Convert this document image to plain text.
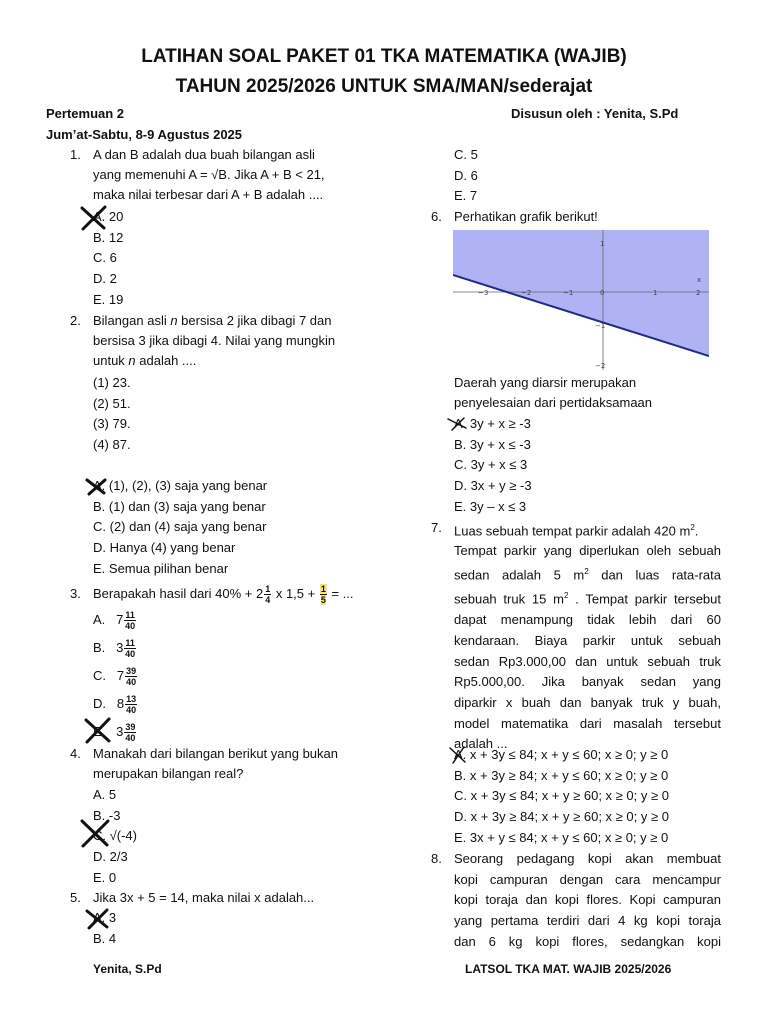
LATIHAN SOAL PAKET 01 TKA MATEMATIKA (WAJIB)
TAHUN 2025/2026 UNTUK SMA/MAN/sederajat
Pertemuan 2	Disusun oleh : Yenita, S.Pd
Jum’at-Sabtu, 8-9 Agustus 2025
1. A dan B adalah dua buah bilangan asli
yang memenuhi A = √B. Jika A + B < 21,
maka nilai terbesar dari A + B adalah ....
A. 20
B. 12
C. 6
D. 2
E. 19
2. Bilangan asli n bersisa 2 jika dibagi 7 dan
bersisa 3 jika dibagi 4. Nilai yang mungkin
untuk n adalah ....
(1) 23.
(2) 51.
(3) 79.
(4) 87.
A. (1), (2), (3) saja yang benar
B. (1) dan (3) saja yang benar
C. (2) dan (4) saja yang benar
D. Hanya (4) yang benar
E. Semua pilihan benar
3. Berapakah hasil dari $40\% + 2 \frac{1}{4}$ x $1,5 + \frac{1}{5}$ = ...
A. $7 \frac{11}{40}$
B. $3 \frac{11}{40}$
C. $7 \frac{39}{40}$
D. $8 \frac{13}{40}$
E. $3 \frac{39}{40}$
4. Manakah dari bilangan berikut yang bukan
merupakan bilangan real?
A. 5
B. -3
C. √(-4)
D. 2/3
E. 0
5. Jika 3x + 5 = 14, maka nilai x adalah...
A. 3
B. 4
C. 5
D. 6
E. 7
6. Perhatikan grafik berikut!
−3	−2	−1	0	1	2
x
1
−1
−2
Daerah yang diarsir merupakan
penyelesaian dari pertidaksamaan
A. 3y + x ≥ -3
B. 3y + x ≤ -3
C. 3y + x ≤ 3
D. 3x + y ≥ -3
E. 3y – x ≤ 3
7. Luas sebuah tempat parkir adalah 420 $m^2$.
Tempat parkir yang diperlukan oleh sebuah
sedan adalah 5 $m^2$ dan luas rata-rata
sebuah truk 15 $m^2$ . Tempat parkir tersebut
dapat menampung tidak lebih dari 60
kendaraan. Biaya parkir untuk sebuah
sedan Rp3.000,00 dan untuk sebuah truk
Rp5.000,00. Jika banyak sedan yang
diparkir x buah dan banyak truk y buah,
model matematika dari masalah tersebut
adalah ...
A. x + 3y ≤ 84; x + y ≤ 60; x ≥ 0; y ≥ 0
B. x + 3y ≥ 84; x + y ≤ 60; x ≥ 0; y ≥ 0
C. x + 3y ≤ 84; x + y ≥ 60; x ≥ 0; y ≥ 0
D. x + 3y ≥ 84; x + y ≥ 60; x ≥ 0; y ≥ 0
E. 3x + y ≤ 84; x + y ≤ 60; x ≥ 0; y ≥ 0
8. Seorang pedagang kopi akan membuat
kopi campuran dengan cara mencampur
kopi toraja dan kopi flores. Kopi campuran
yang pertama terdiri dari 4 kg kopi toraja
dan 6 kg kopi flores, sedangkan kopi
Yenita, S.Pd	LATSOL TKA MAT. WAJIB 2025/2026
